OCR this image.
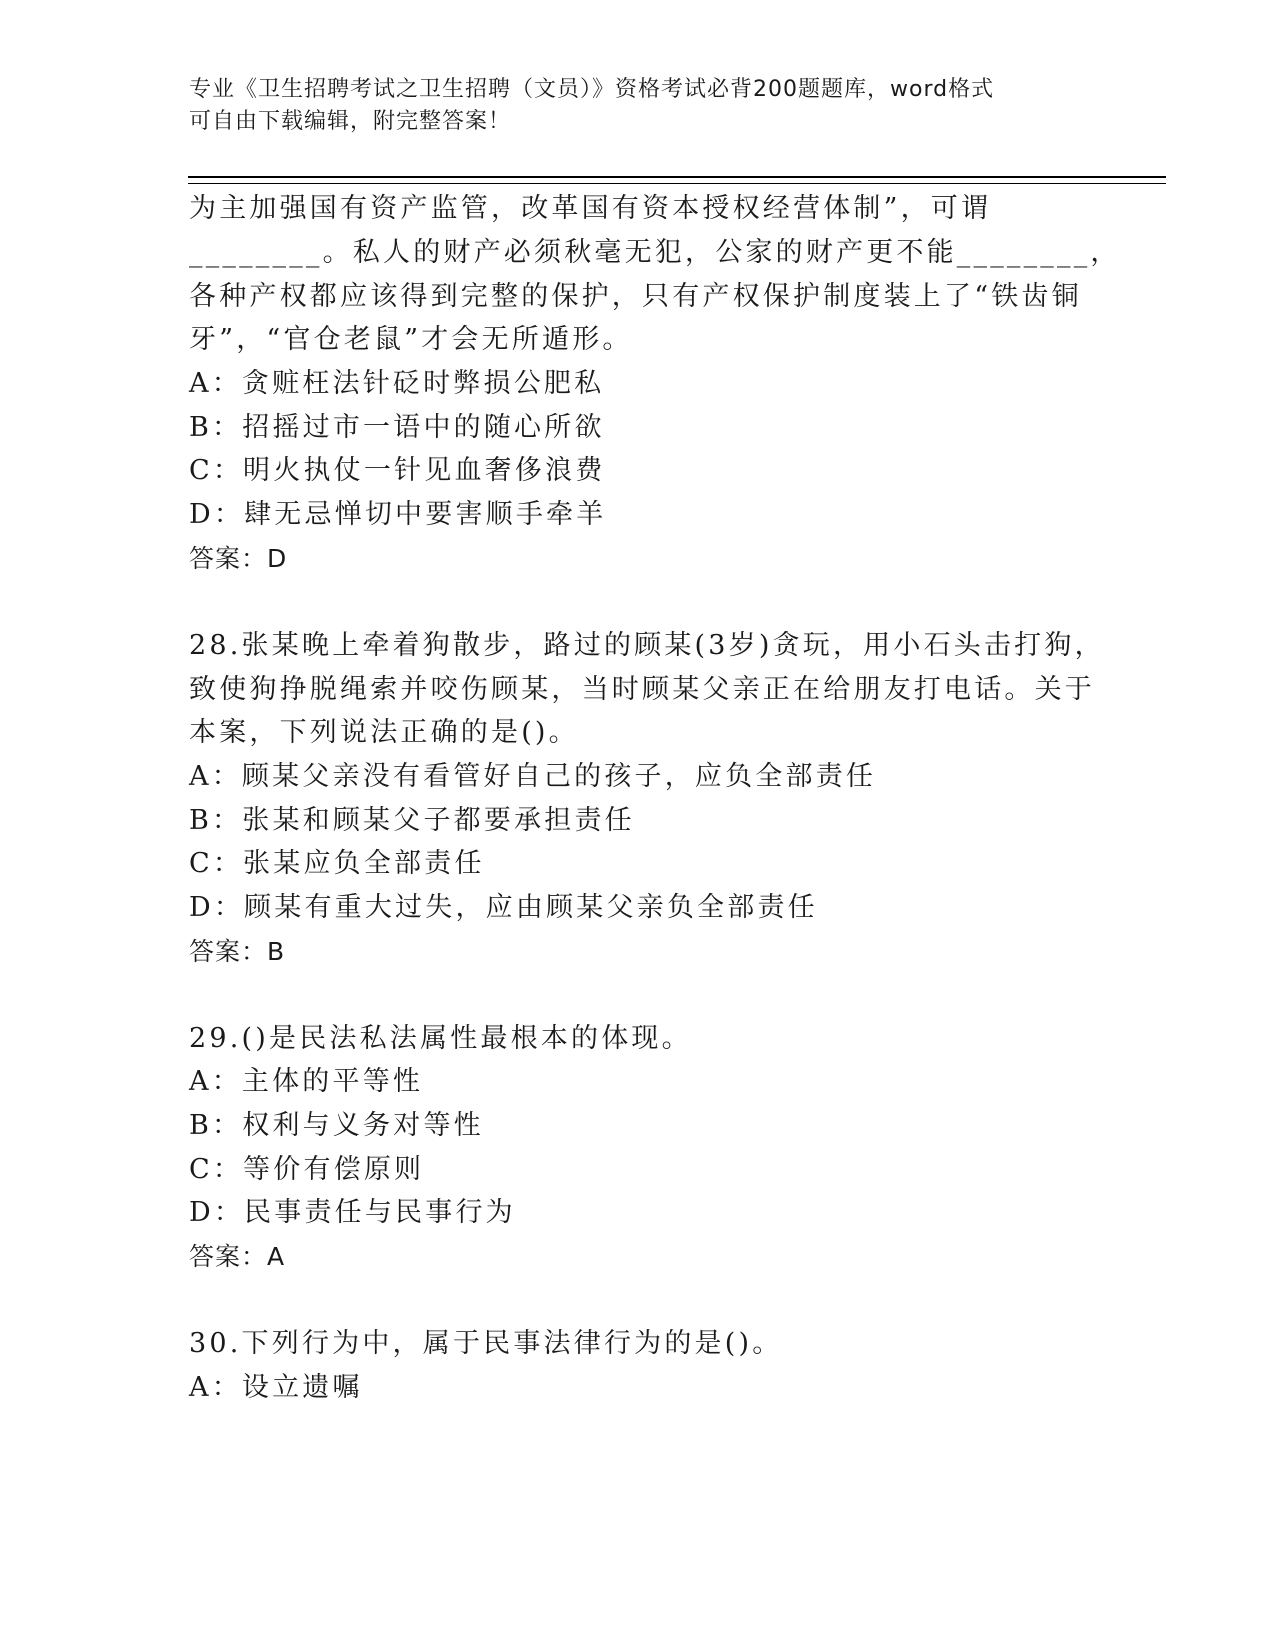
专业《卫生招聘考试之卫生招聘（文员）》资格考试必背200题题库，word格式
可自由下载编辑，附完整答案！
为主加强国有资产监管，改革国有资本授权经营体制”，可谓
________。私人的财产必须秋毫无犯，公家的财产更不能________，
各种产权都应该得到完整的保护，只有产权保护制度装上了“铁齿铜
牙”，“官仓老鼠”才会无所遁形。
A：贪赃枉法针砭时弊损公肥私
B：招摇过市一语中的随心所欲
C：明火执仗一针见血奢侈浪费
D：肆无忌惮切中要害顺手牵羊
答案：D
28.张某晚上牵着狗散步，路过的顾某(3岁)贪玩，用小石头击打狗，
致使狗挣脱绳索并咬伤顾某，当时顾某父亲正在给朋友打电话。关于
本案，下列说法正确的是()。
A：顾某父亲没有看管好自己的孩子，应负全部责任
B：张某和顾某父子都要承担责任
C：张某应负全部责任
D：顾某有重大过失，应由顾某父亲负全部责任
答案：B
29.()是民法私法属性最根本的体现。
A：主体的平等性
B：权利与义务对等性
C：等价有偿原则
D：民事责任与民事行为
答案：A
30.下列行为中，属于民事法律行为的是()。
A：设立遗嘱
